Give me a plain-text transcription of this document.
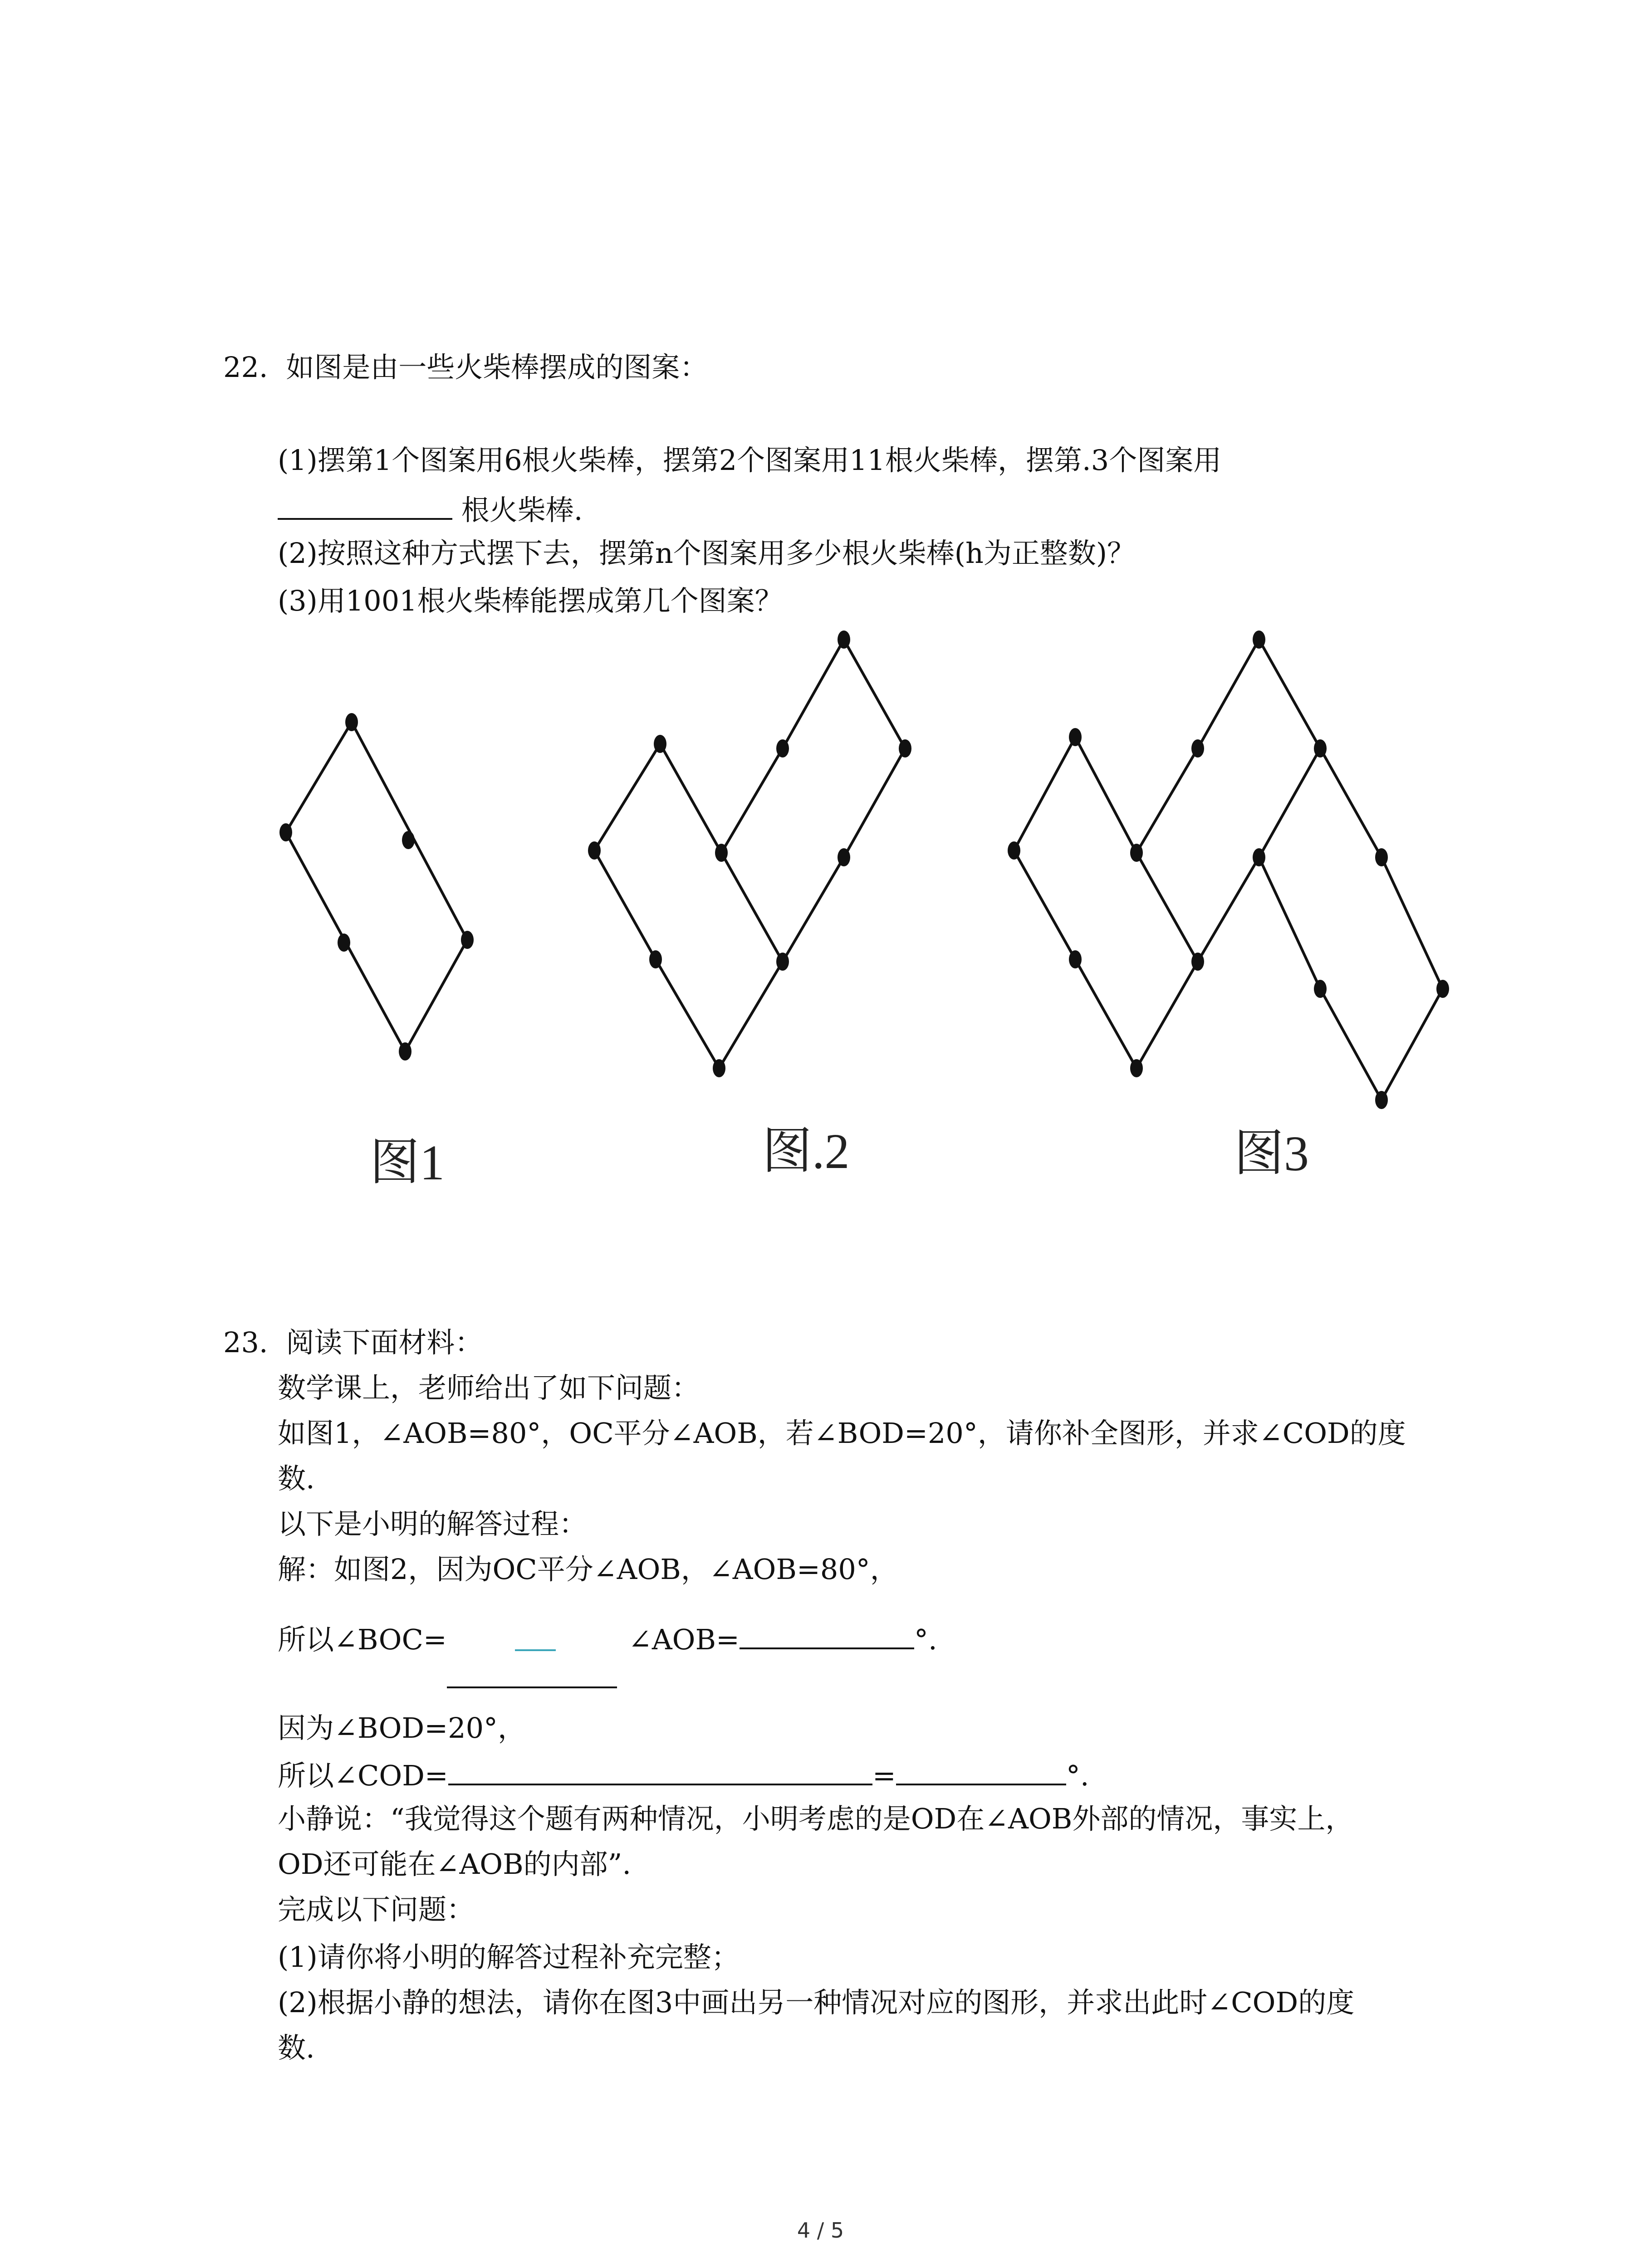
22. 如图是由一些火柴棒摆成的图案：
(1)摆第1个图案用6根火柴棒，摆第2个图案用11根火柴棒，摆第.3个图案用
根火柴棒.
(2)按照这种方式摆下去，摆第n个图案用多少根火柴棒(h为正整数)？
(3)用1001根火柴棒能摆成第几个图案？
图1	图.2	图3
23. 阅读下面材料：
数学课上，老师给出了如下问题：
如图1，∠AOB=80°，OC平分∠AOB，若∠BOD=20°，请你补全图形，并求∠COD的度
数.
以下是小明的解答过程：
解：如图2，因为OC平分∠AOB，∠AOB=80°，
所以∠BOC=	∠AOB=	°.
因为∠BOD=20°，
所以∠COD=	=	°.
小静说：“我觉得这个题有两种情况，小明考虑的是OD在∠AOB外部的情况，事实上，
OD还可能在∠AOB的内部”.
完成以下问题：
(1)请你将小明的解答过程补充完整；
(2)根据小静的想法，请你在图3中画出另一种情况对应的图形，并求出此时∠COD的度
数.
4 / 5
